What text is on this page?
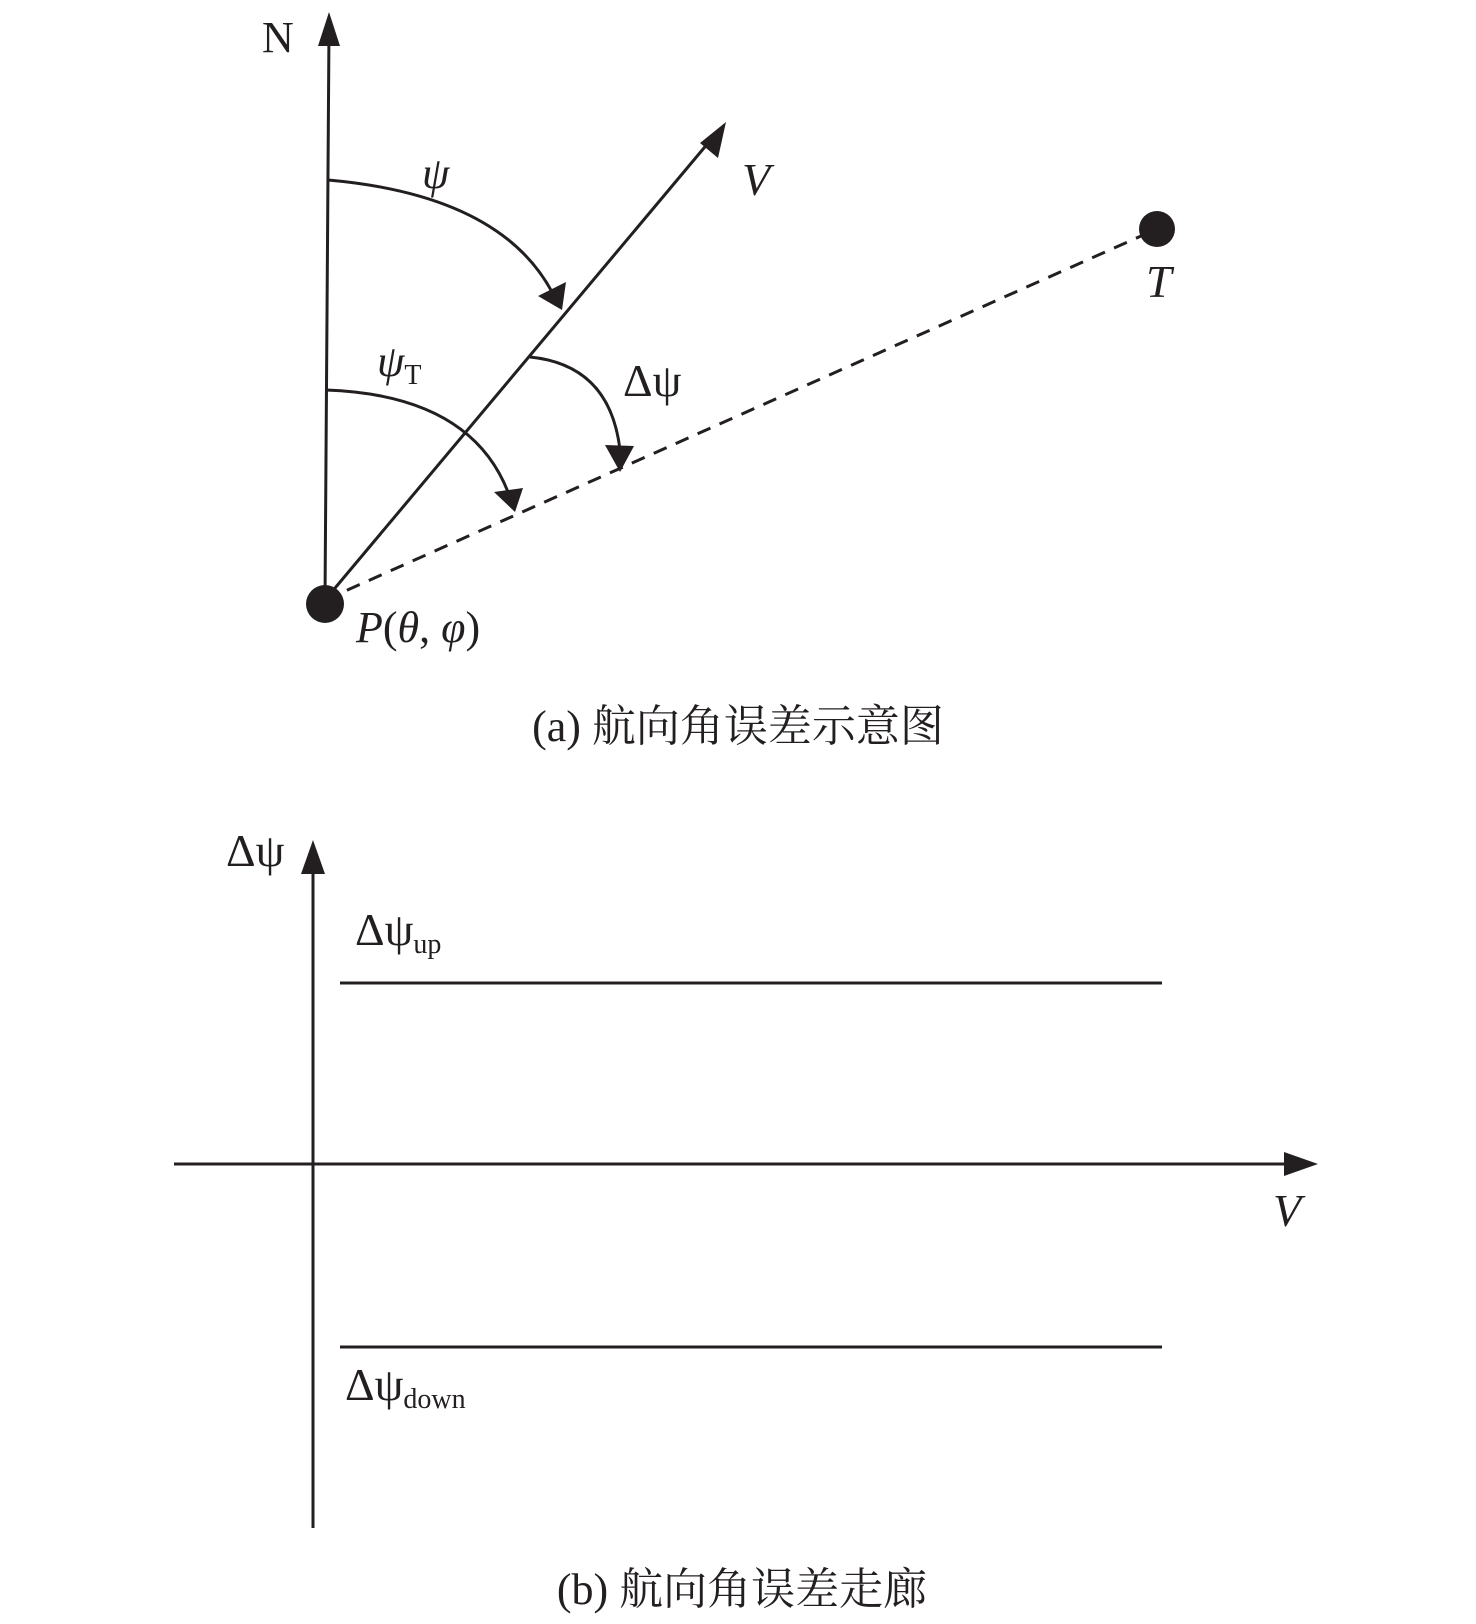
N
V
T
P(θ, φ)
ψ
ψT	Δψ
(a) 航向角误差示意图
Δψ
V
Δψup
Δψdown
(b) 航向角误差走廊
